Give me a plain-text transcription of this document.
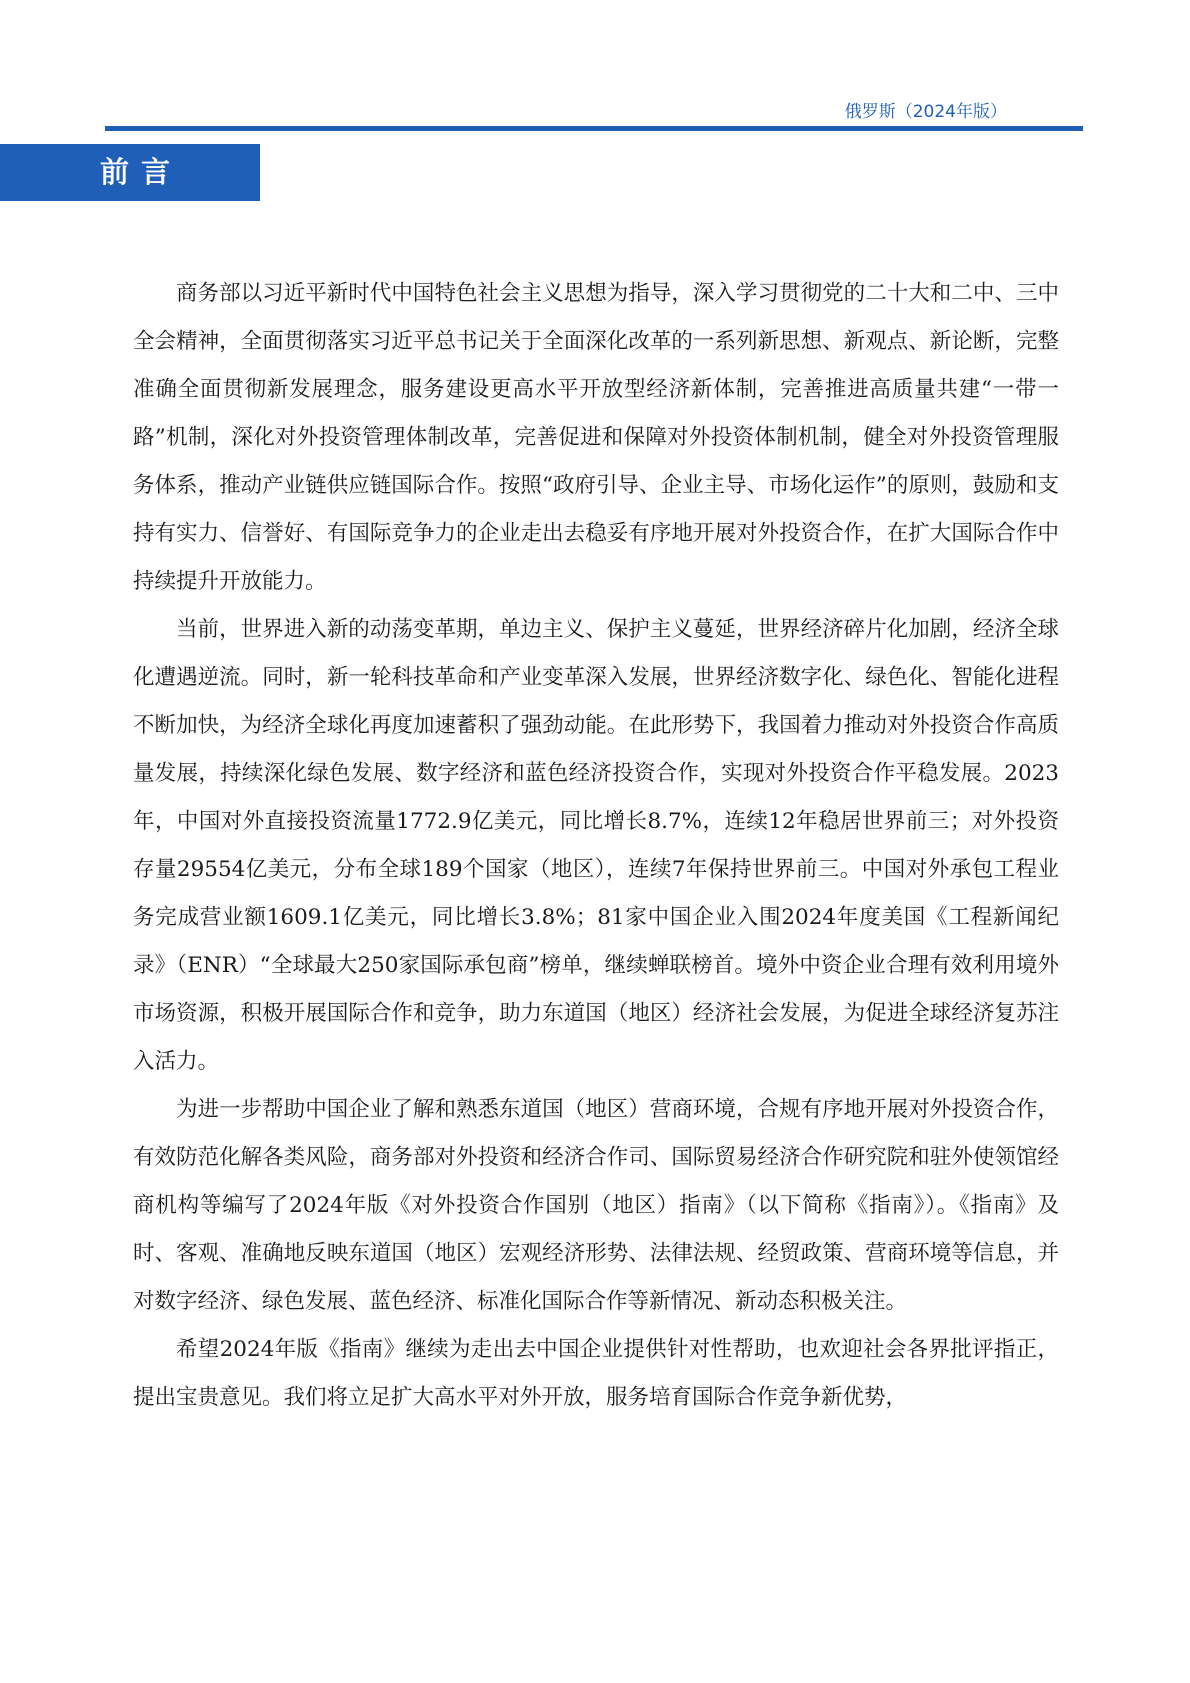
俄罗斯（2024年版）
前言

商务部以习近平新时代中国特色社会主义思想为指导，深入学习贯彻党的二十大和二中、三中全会精神，全面贯彻落实习近平总书记关于全面深化改革的一系列新思想、新观点、新论断，完整准确全面贯彻新发展理念，服务建设更高水平开放型经济新体制，完善推进高质量共建“一带一路”机制，深化对外投资管理体制改革，完善促进和保障对外投资体制机制，健全对外投资管理服务体系，推动产业链供应链国际合作。按照“政府引导、企业主导、市场化运作”的原则，鼓励和支持有实力、信誉好、有国际竞争力的企业走出去稳妥有序地开展对外投资合作，在扩大国际合作中持续提升开放能力。

当前，世界进入新的动荡变革期，单边主义、保护主义蔓延，世界经济碎片化加剧，经济全球化遭遇逆流。同时，新一轮科技革命和产业变革深入发展，世界经济数字化、绿色化、智能化进程不断加快，为经济全球化再度加速蓄积了强劲动能。在此形势下，我国着力推动对外投资合作高质量发展，持续深化绿色发展、数字经济和蓝色经济投资合作，实现对外投资合作平稳发展。2023年，中国对外直接投资流量1772.9亿美元，同比增长8.7%，连续12年稳居世界前三；对外投资存量29554亿美元，分布全球189个国家（地区），连续7年保持世界前三。中国对外承包工程业务完成营业额1609.1亿美元，同比增长3.8%；81家中国企业入围2024年度美国《工程新闻纪录》（ENR）“全球最大250家国际承包商”榜单，继续蝉联榜首。境外中资企业合理有效利用境外市场资源，积极开展国际合作和竞争，助力东道国（地区）经济社会发展，为促进全球经济复苏注入活力。

为进一步帮助中国企业了解和熟悉东道国（地区）营商环境，合规有序地开展对外投资合作，有效防范化解各类风险，商务部对外投资和经济合作司、国际贸易经济合作研究院和驻外使领馆经商机构等编写了2024年版《对外投资合作国别（地区）指南》（以下简称《指南》）。《指南》及时、客观、准确地反映东道国（地区）宏观经济形势、法律法规、经贸政策、营商环境等信息，并对数字经济、绿色发展、蓝色经济、标准化国际合作等新情况、新动态积极关注。

希望2024年版《指南》继续为走出去中国企业提供针对性帮助，也欢迎社会各界批评指正，提出宝贵意见。我们将立足扩大高水平对外开放，服务培育国际合作竞争新优势，
